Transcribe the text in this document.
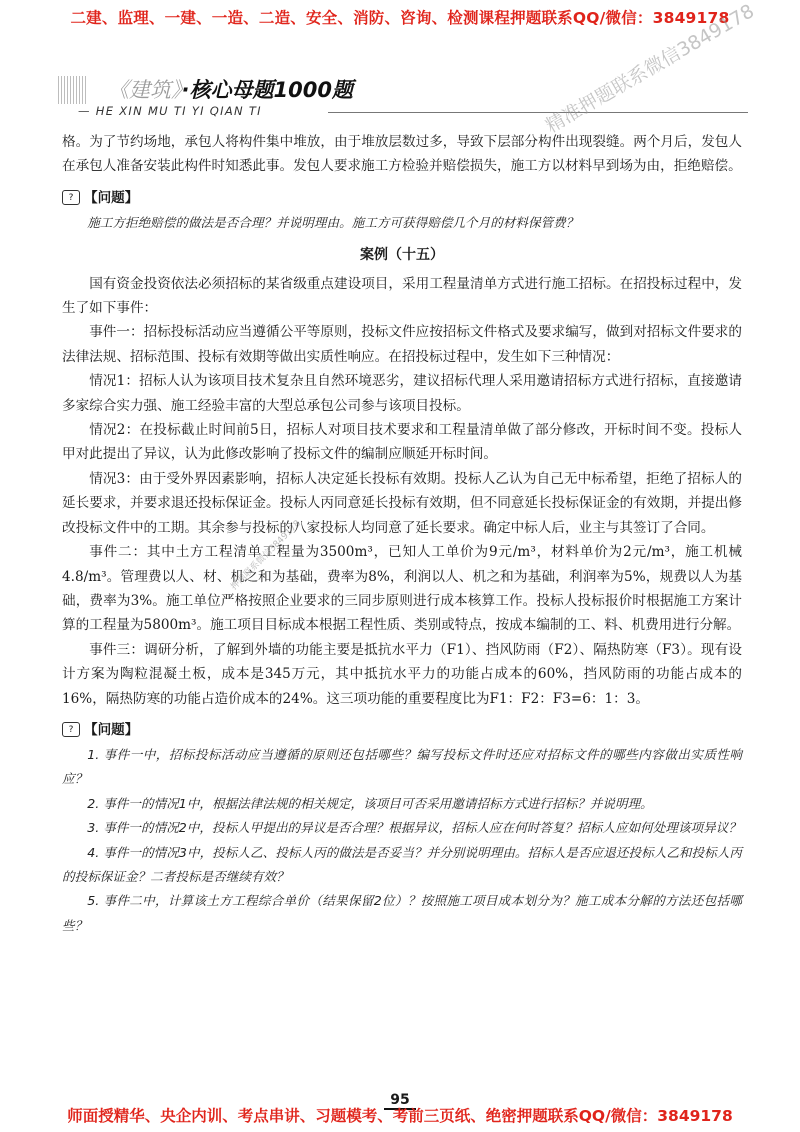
二建、监理、一建、一造、二造、安全、消防、咨询、检测课程押题联系QQ/微信：3849178
《建筑》·核心母题1000题
— HE XIN MU TI YI QIAN TI	精准押题联系微信3849178

格。为了节约场地，承包人将构件集中堆放，由于堆放层数过多，导致下层部分构件出现裂缝。两个月后，发包人在承包人准备安装此构件时知悉此事。发包人要求施工方检验并赔偿损失，施工方以材料早到场为由，拒绝赔偿。

? 【问题】

施工方拒绝赔偿的做法是否合理？并说明理由。施工方可获得赔偿几个月的材料保管费？

案例（十五）

国有资金投资依法必须招标的某省级重点建设项目，采用工程量清单方式进行施工招标。在招投标过程中，发生了如下事件：

事件一：招标投标活动应当遵循公平等原则，投标文件应按招标文件格式及要求编写，做到对招标文件要求的法律法规、招标范围、投标有效期等做出实质性响应。在招投标过程中，发生如下三种情况：

情况1：招标人认为该项目技术复杂且自然环境恶劣，建议招标代理人采用邀请招标方式进行招标，直接邀请多家综合实力强、施工经验丰富的大型总承包公司参与该项目投标。

情况2：在投标截止时间前5日，招标人对项目技术要求和工程量清单做了部分修改，开标时间不变。投标人甲对此提出了异议，认为此修改影响了投标文件的编制应顺延开标时间。

情况3：由于受外界因素影响，招标人决定延长投标有效期。投标人乙认为自己无中标希望，拒绝了招标人的延长要求，并要求退还投标保证金。投标人丙同意延长投标有效期，但不同意延长投标保证金的有效期，并提出修改投标文件中的工期。其余参与投标的八家投标人均同意了延长要求。确定中标人后，业主与其签订了合同。

事件二：其中土方工程清单工程量为3500m³，已知人工单价为9元/m³，材料单价为2元/m³，施工机械4.8/m³。管理费以人、材、机之和为基础，费率为8%，利润以人、机之和为基础，利润率为5%，规费以人为基础，费率为3%。施工单位严格按照企业要求的三同步原则进行成本核算工作。投标人投标报价时根据施工方案计算的工程量为5800m³。施工项目目标成本根据工程性质、类别或特点，按成本编制的工、料、机费用进行分解。

事件三：调研分析，了解到外墙的功能主要是抵抗水平力（F1）、挡风防雨（F2）、隔热防寒（F3）。现有设计方案为陶粒混凝土板，成本是345万元，其中抵抗水平力的功能占成本的60%，挡风防雨的功能占成本的16%，隔热防寒的功能占造价成本的24%。这三项功能的重要程度比为F1：F2：F3=6：1：3。

? 【问题】

1. 事件一中，招标投标活动应当遵循的原则还包括哪些？编写投标文件时还应对招标文件的哪些内容做出实质性响应？

2. 事件一的情况1中，根据法律法规的相关规定，该项目可否采用邀请招标方式进行招标？并说明理。

3. 事件一的情况2中，投标人甲提出的异议是否合理？根据异议，招标人应在何时答复？招标人应如何处理该项异议？

4. 事件一的情况3中，投标人乙、投标人丙的做法是否妥当？并分别说明理由。招标人是否应退还投标人乙和投标人丙的投标保证金？二者投标是否继续有效？

5. 事件二中，计算该土方工程综合单价（结果保留2位）？按照施工项目成本划分为？施工成本分解的方法还包括哪些？

押题联系微信3849178
95
师面授精华、央企内训、考点串讲、习题模考、考前三页纸、绝密押题联系QQ/微信：3849178
